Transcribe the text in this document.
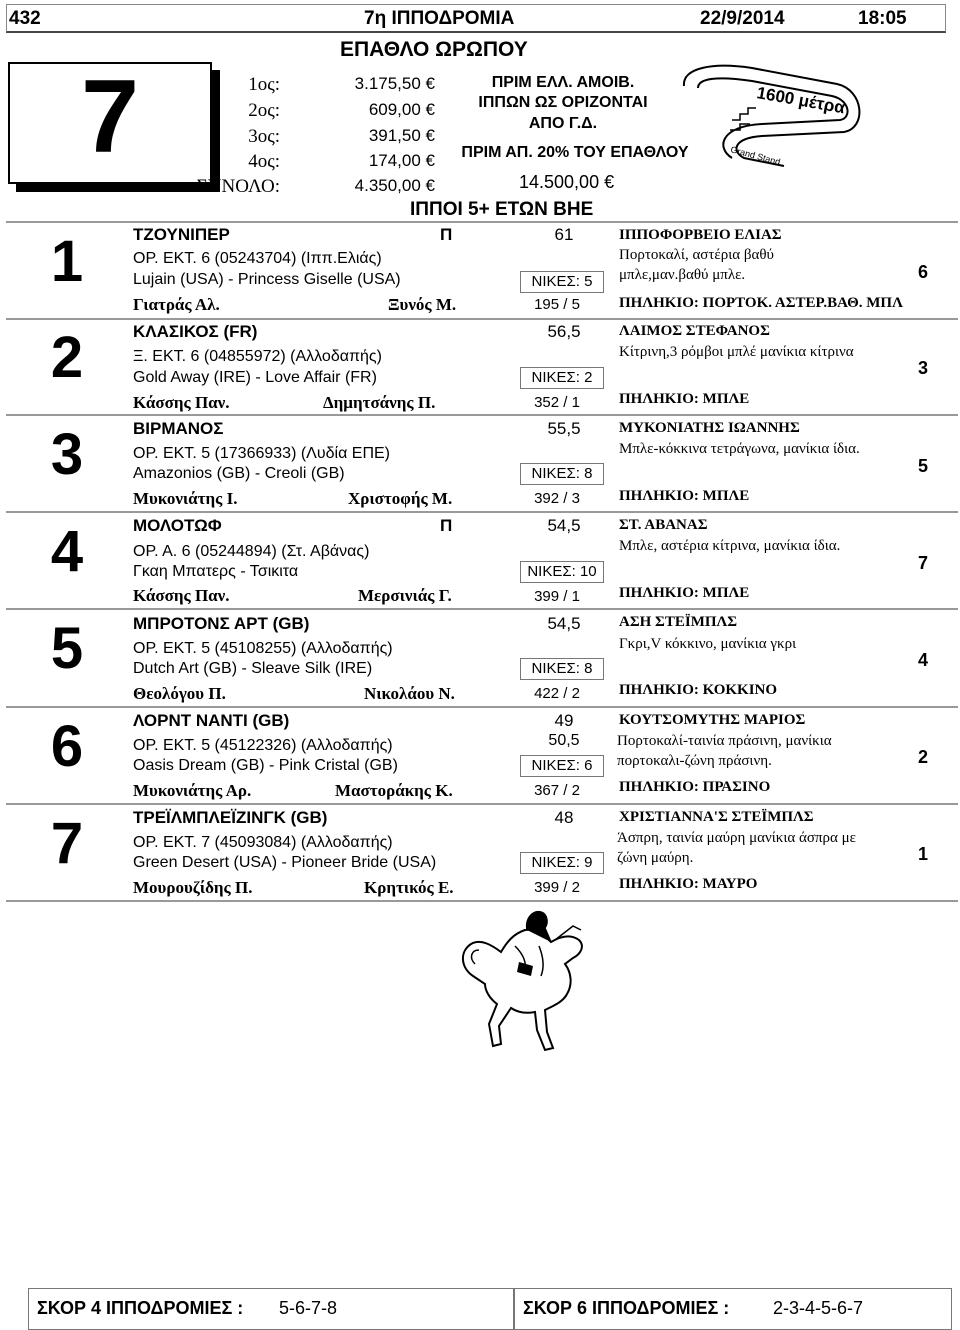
432	7η ΙΠΠΟΔΡΟΜΙΑ	22/9/2014	18:05
ΕΠΑΘΛΟ ΩΡΩΠΟΥ
7	1ος:	3.175,50 €
2ος:	609,00 €
3ος:	391,50 €
4ος:	174,00 €
ΣΥΝΟΛΟ:	4.350,00 €
ΠΡΙΜ ΕΛΛ. ΑΜΟΙΒ.
ΙΠΠΩΝ ΩΣ ΟΡΙΖΟΝΤΑΙ
ΑΠΟ Γ.Δ.
ΠΡΙΜ ΑΠ. 20% ΤΟΥ ΕΠΑΘΛΟΥ
14.500,00 €
ΙΠΠΟΙ 5+ ΕΤΩΝ ΒΗΕ
1600 μέτρα
Grand Stand
1	ΤΖΟΥΝΙΠΕΡ	Π	61
ΟΡ. ΕΚΤ. 6 (05243704) (Ιππ.Ελιάς)
Lujain (USA) - Princess Giselle (USA)	ΝΙΚΕΣ: 5
Γιατράς Αλ.	Ξυνός Μ.	195 / 5
ΙΠΠΟΦΟΡΒΕΙΟ ΕΛΙΑΣ
Πορτοκαλί, αστέρια βαθύ
μπλε,μαν.βαθύ μπλε.
ΠΗΛΗΚΙΟ: ΠΟΡΤΟΚ. ΑΣΤΕΡ.ΒΑΘ. ΜΠΛ
6
2	ΚΛΑΣΙΚΟΣ (FR)	56,5
Ξ. ΕΚΤ. 6 (04855972) (Αλλοδαπής)
Gold Away (IRE) - Love Affair (FR)	ΝΙΚΕΣ: 2
Κάσσης Παν.	Δημητσάνης Π.	352 / 1
ΛΑΙΜΟΣ ΣΤΕΦΑΝΟΣ
Κίτρινη,3 ρόμβοι μπλέ μανίκια κίτρινα
ΠΗΛΗΚΙΟ: ΜΠΛΕ
3
3	ΒΙΡΜΑΝΟΣ	55,5
ΟΡ. ΕΚΤ. 5 (17366933) (Λυδία ΕΠΕ)
Amazonios (GB) - Creoli (GB)	ΝΙΚΕΣ: 8
Μυκονιάτης Ι.	Χριστοφής Μ.	392 / 3
ΜΥΚΟΝΙΑΤΗΣ ΙΩΑΝΝΗΣ
Μπλε-κόκκινα τετράγωνα, μανίκια ίδια.
ΠΗΛΗΚΙΟ: ΜΠΛΕ
5
4	ΜΟΛΟΤΩΦ	Π	54,5
ΟΡ. Α. 6 (05244894) (Στ. Αβάνας)
Γκαη Μπατερς - Τσικιτα	ΝΙΚΕΣ: 10
Κάσσης Παν.	Μερσινιάς Γ.	399 / 1
ΣΤ. ΑΒΑΝΑΣ
Μπλε, αστέρια κίτρινα, μανίκια ίδια.
ΠΗΛΗΚΙΟ: ΜΠΛΕ
7
5	ΜΠΡΟΤΟΝΣ ΑΡΤ (GB)	54,5
ΟΡ. ΕΚΤ. 5 (45108255) (Αλλοδαπής)
Dutch Art (GB) - Sleave Silk (IRE)	ΝΙΚΕΣ: 8
Θεολόγου Π.	Νικολάου Ν.	422 / 2
ΑΣΗ ΣΤΕΪΜΠΛΣ
Γκρι,V κόκκινο, μανίκια γκρι
ΠΗΛΗΚΙΟ: ΚΟΚΚΙΝΟ
4
6	ΛΟΡΝΤ ΝΑΝΤΙ (GB)	49
50,5
ΟΡ. ΕΚΤ. 5 (45122326) (Αλλοδαπής)
Oasis Dream (GB) - Pink Cristal (GB)	ΝΙΚΕΣ: 6
Μυκονιάτης Αρ.	Μαστοράκης Κ.	367 / 2
ΚΟΥΤΣΟΜΥΤΗΣ ΜΑΡΙΟΣ
Πορτοκαλί-ταινία πράσινη, μανίκια
πορτοκαλι-ζώνη πράσινη.
ΠΗΛΗΚΙΟ: ΠΡΑΣΙΝΟ
2
7	ΤΡΕΪΛΜΠΛΕΪΖΙΝΓΚ (GB)	48
ΟΡ. ΕΚΤ. 7 (45093084) (Αλλοδαπής)
Green Desert (USA) - Pioneer Bride (USA)	ΝΙΚΕΣ: 9
Μουρουζίδης Π.	Κρητικός Ε.	399 / 2
ΧΡΙΣΤΙΑΝΝΑ'Σ ΣΤΕΪΜΠΛΣ
Άσπρη, ταινία μαύρη μανίκια άσπρα με
ζώνη μαύρη.
ΠΗΛΗΚΙΟ: ΜΑΥΡΟ
1
ΣΚΟΡ 4 ΙΠΠΟΔΡΟΜΙΕΣ : 5-6-7-8	ΣΚΟΡ 6 ΙΠΠΟΔΡΟΜΙΕΣ : 2-3-4-5-6-7
